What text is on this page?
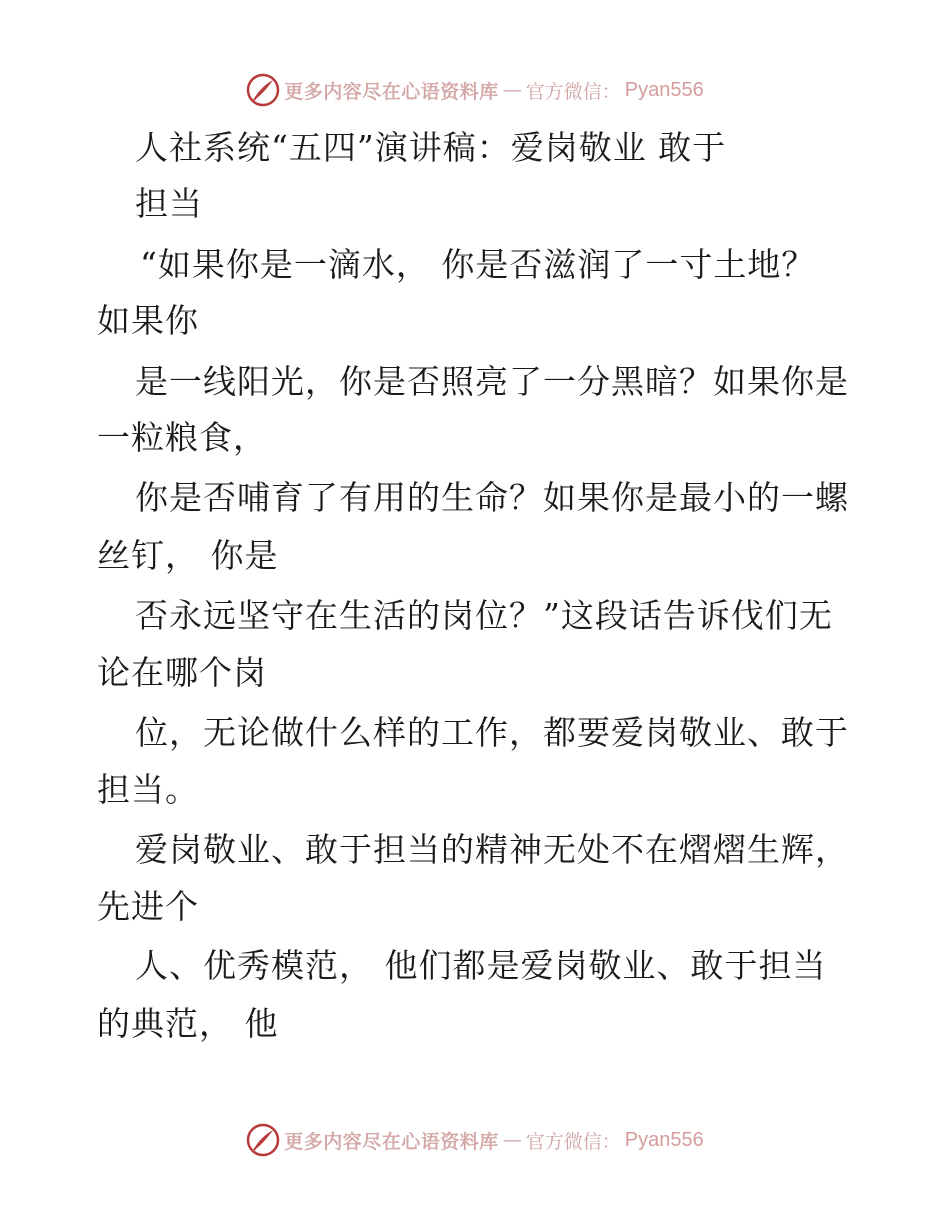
更多内容尽在心语资料库 — 官方微信： Pyan556
人社系统“五四”演讲稿：爱岗敬业 敢于
担当
“如果你是一滴水， 你是否滋润了一寸土地？
如果你
是一线阳光，你是否照亮了一分黑暗？如果你是
一粒粮食，
你是否哺育了有用的生命？如果你是最小的一螺
丝钉， 你是
否永远坚守在生活的岗位？”这段话告诉伐们无
论在哪个岗
位，无论做什么样的工作，都要爱岗敬业、敢于
担当。
爱岗敬业、敢于担当的精神无处不在熠熠生辉，
先进个
人、优秀模范， 他们都是爱岗敬业、敢于担当
的典范， 他
更多内容尽在心语资料库 — 官方微信： Pyan556
